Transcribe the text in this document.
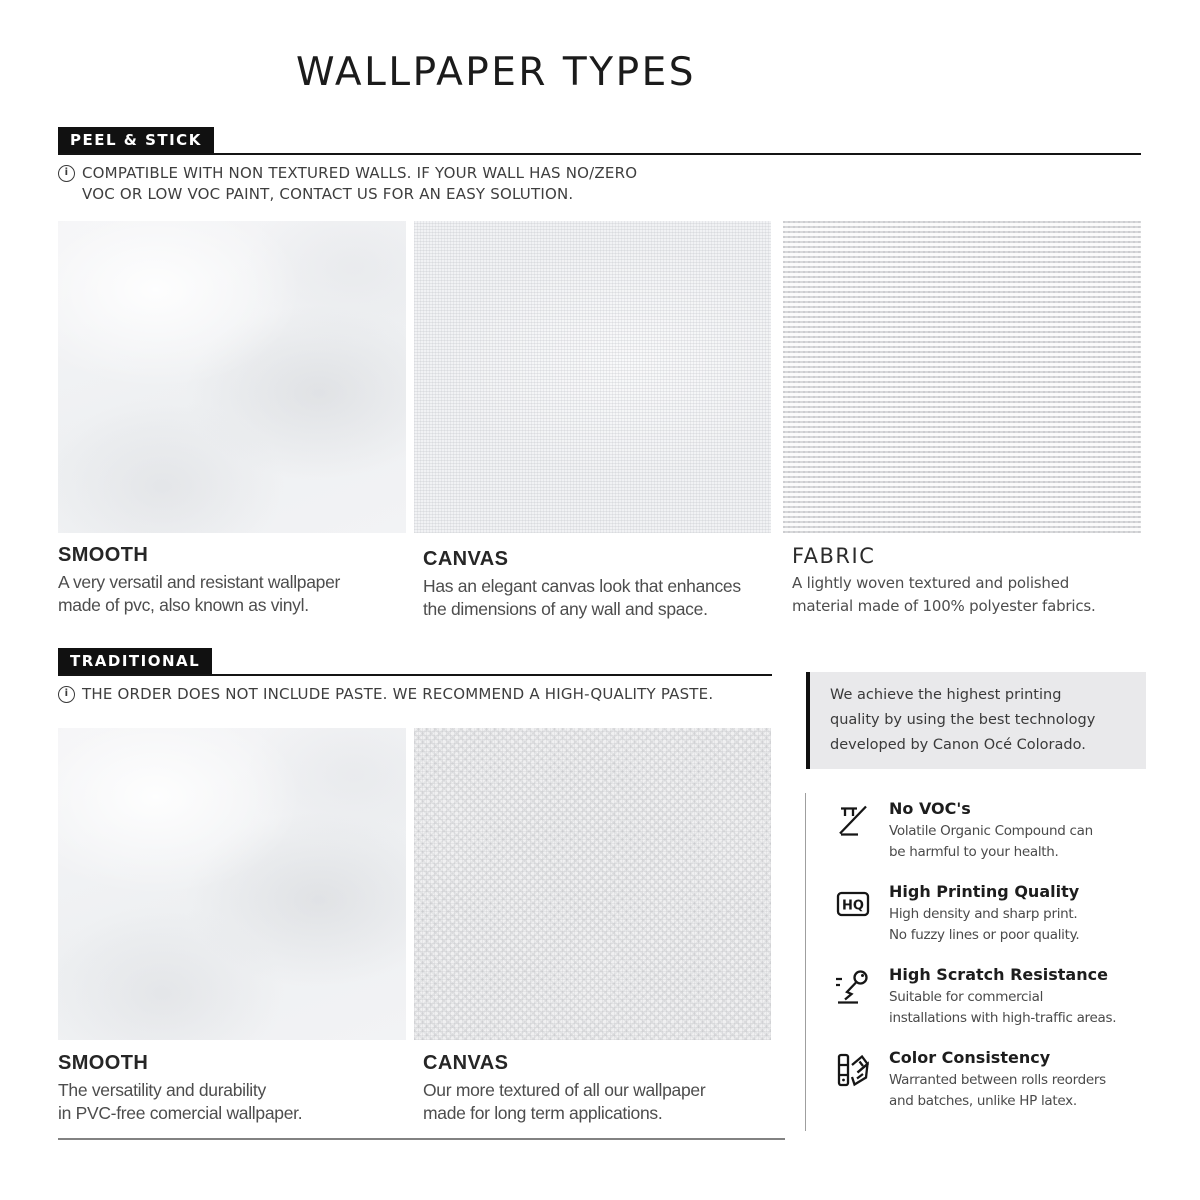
WALLPAPER TYPES
PEEL & STICK
i
COMPATIBLE WITH NON TEXTURED WALLS. IF YOUR WALL HAS NO/ZERO
VOC OR LOW VOC PAINT, CONTACT US FOR AN EASY SOLUTION.
SMOOTH
A very versatil and resistant wallpaper
made of pvc, also known as vinyl.
CANVAS
Has an elegant canvas look that enhances
the dimensions of any wall and space.
FABRIC
A lightly woven textured and polished
material made of 100% polyester fabrics.
TRADITIONAL
i
THE ORDER DOES NOT INCLUDE PASTE. WE RECOMMEND A HIGH-QUALITY PASTE.	We achieve the highest printing
quality by using the best technology
developed by Canon Océ Colorado.
SMOOTH
The versatility and durability
in PVC-free comercial wallpaper.
CANVAS
Our more textured of all our wallpaper
made for long term applications.
No VOC's
Volatile Organic Compound can
be harmful to your health.
HQ
High Printing Quality
High density and sharp print.
No fuzzy lines or poor quality.
High Scratch Resistance
Suitable for commercial
installations with high-traffic areas.
Color Consistency
Warranted between rolls reorders
and batches, unlike HP latex.
